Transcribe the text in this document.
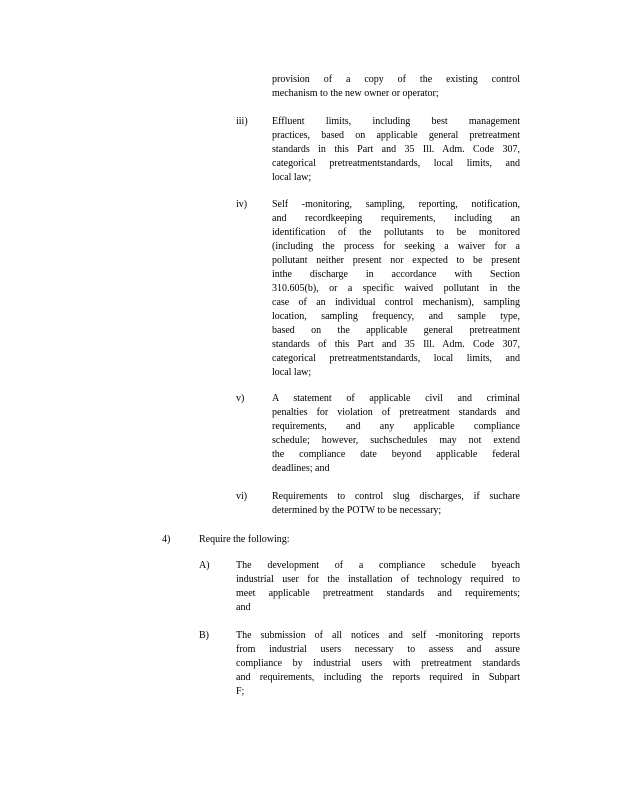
provision of a copy of the existing control
mechanism to the new owner or operator;
iii) Effluent limits, including best management
practices, based on applicable general pretreatment
standards in this Part and 35 Ill. Adm. Code 307,
categorical pretreatmentstandards, local limits, and
local law;
iv) Self -monitoring, sampling, reporting, notification,
and recordkeeping requirements, including an
identification of the pollutants to be monitored
(including the process for seeking a waiver for a
pollutant neither present nor expected to be present
inthe discharge in accordance with Section
310.605(b), or a specific waived pollutant in the
case of an individual control mechanism), sampling
location, sampling frequency, and sample type,
based on the applicable general pretreatment
standards of this Part and 35 Ill. Adm. Code 307,
categorical pretreatmentstandards, local limits, and
local law;
v)	A statement of applicable civil and criminal
penalties for violation of pretreatment standards and
requirements, and any applicable compliance
schedule; however, suchschedules may not extend
the compliance date beyond applicable federal
deadlines; and
vi) Requirements to control slug discharges, if suchare
determined by the POTW to be necessary;
4)	Require the following:
A)	The development of a compliance schedule byeach
industrial user for the installation of technology required to
meet applicable pretreatment standards and requirements;
and
B)	The submission of all notices and self -monitoring reports
from industrial users necessary to assess and assure
compliance by industrial users with pretreatment standards
and requirements, including the reports required in Subpart
F;
